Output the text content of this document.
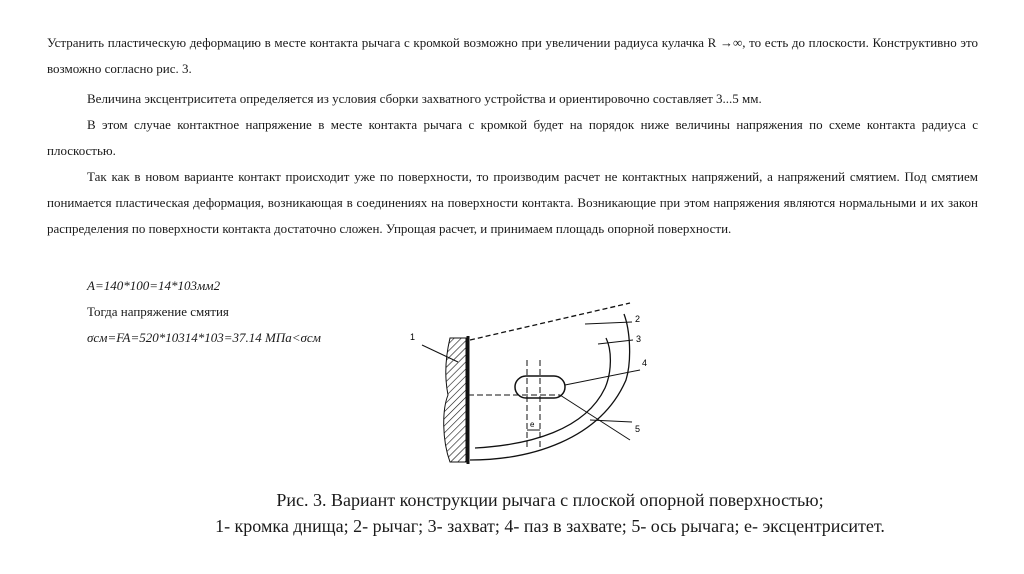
Устранить пластическую деформацию в месте контакта рычага с кромкой возможно при увеличении радиуса кулачка R →∞, то есть до плоскости. Конструктивно это возможно согласно рис. 3.

Величина эксцентриситета определяется из условия сборки захватного устройства и ориентировочно составляет 3...5 мм.

В этом случае контактное напряжение в месте контакта рычага с кромкой будет на порядок ниже величины напряжения по схеме контакта радиуса с плоскостью.

Так как в новом варианте контакт происходит уже по поверхности, то производим расчет не контактных напряжений, а напряжений смятием. Под смятием понимается пластическая деформация, возникающая в соединениях на поверхности контакта. Возникающие при этом напряжения являются нормальными и их закон распределения по поверхности контакта достаточно сложен. Упрощая расчет, и принимаем площадь опорной поверхности.

A=140*100=14*103мм2

Тогда напряжение смятия

σсм=FA=520*10314*103=37.14 МПа<σсм	1
2
3
4
5
e

Рис. 3. Вариант конструкции рычага с плоской опорной поверхностью;

1- кромка днища; 2- рычаг; 3- захват; 4- паз в захвате; 5- ось рычага; e- эксцентриситет.
